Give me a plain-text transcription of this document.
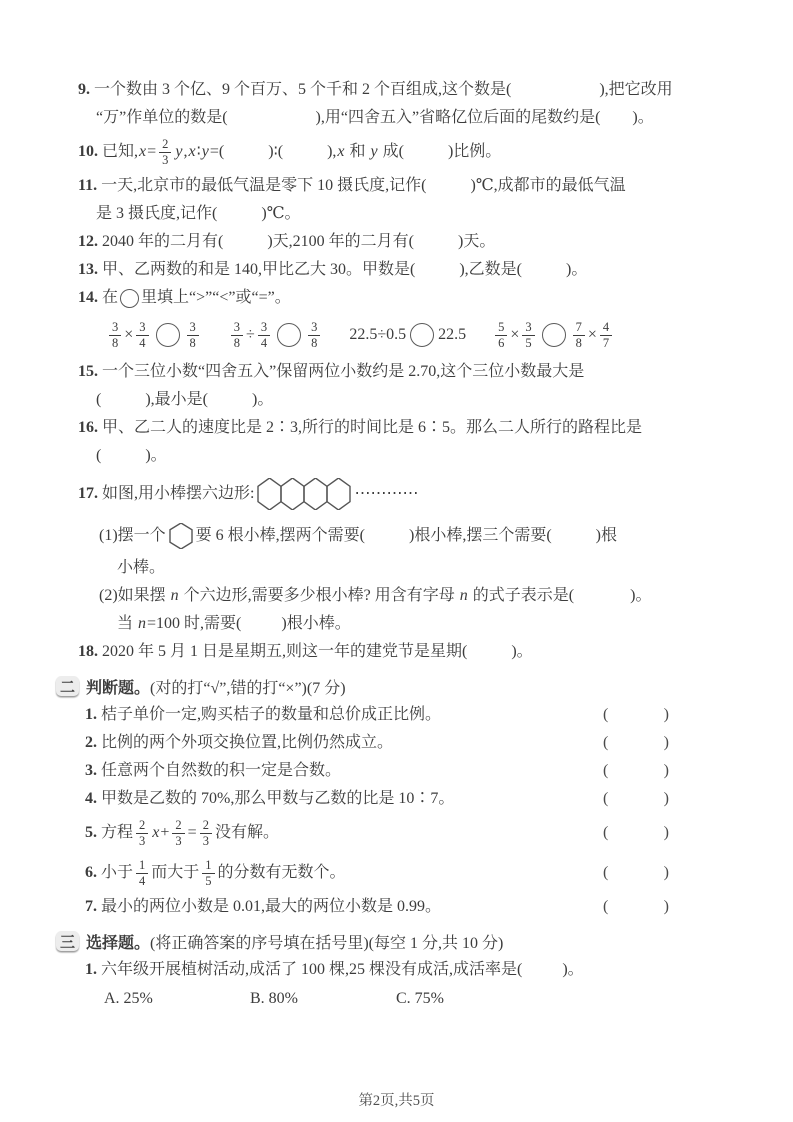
9. 一个数由 3 个亿、9 个百万、5 个千和 2 个百组成,这个数是(                      ),把它改用
“万”作单位的数是(                      ),用“四舍五入”省略亿位后面的尾数约是(        )。
10. 已知, $x = \frac{2}{3}$ y , x ∶ y =(           )∶(           ), x 和 y 成(           )比例。
11. 一天,北京市的最低气温是零下 10 摄氏度,记作(           )℃,成都市的最低气温
是 3 摄氏度,记作(           )℃。
12. 2040 年的二月有(           )天,2100 年的二月有(           )天。
13. 甲、乙两数的和是 140,甲比乙大 30。甲数是(           ),乙数是(           )。
14. 在 里填上“>”“<”或“=”。
$\frac{3}{8} \times \frac{3}{4}$	$\frac{3}{8}$	$\frac{3}{8} \div \frac{3}{4}$	$\frac{3}{8} 22.5\div 0.5$ $22.5 \frac{5}{6} \times \frac{3}{5}$	$\frac{7}{8} \times \frac{4}{7}$
15. 一个三位小数“四舍五入”保留两位小数约是 2.70,这个三位小数最大是
(           ),最小是(           )。
16. 甲、乙二人的速度比是 2∶3,所行的时间比是 6∶5。那么二人所行的路程比是
(           )。
17. 如图,用小棒摆六边形:	⋯⋯⋯⋯
(1)摆一个 要 6 根小棒,摆两个需要(           )根小棒,摆三个需要(           )根
小棒。
(2)如果摆 n 个六边形,需要多少根小棒? 用含有字母 n 的式子表示是(              )。
当 n =100 时,需要(          )根小棒。
18. 2020 年 5 月 1 日是星期五,则这一年的建党节是星期(           )。
二 判断题。 (对的打“√”,错的打“×”)(7 分)
1. 桔子单价一定,购买桔子的数量和总价成正比例。	(	)
2. 比例的两个外项交换位置,比例仍然成立。	(	)
3. 任意两个自然数的积一定是合数。	(	)
4. 甲数是乙数的 70%,那么甲数与乙数的比是 10∶7。	(	)
5. 方程 $\frac{2}{3}$ $x + \frac{2}{3} = \frac{2}{3}$ 没有解。	(	)
6. 小于 $\frac{1}{4}$ 而大于 $\frac{1}{5}$ 的分数有无数个。	(	)
7. 最小的两位小数是 0.01,最大的两位小数是 0.99。	(	)
三 选择题。 (将正确答案的序号填在括号里)(每空 1 分,共 10 分)
1. 六年级开展植树活动,成活了 100 棵,25 棵没有成活,成活率是(          )。
A. 25%	B. 80%	C. 75%
第2页,共5页
